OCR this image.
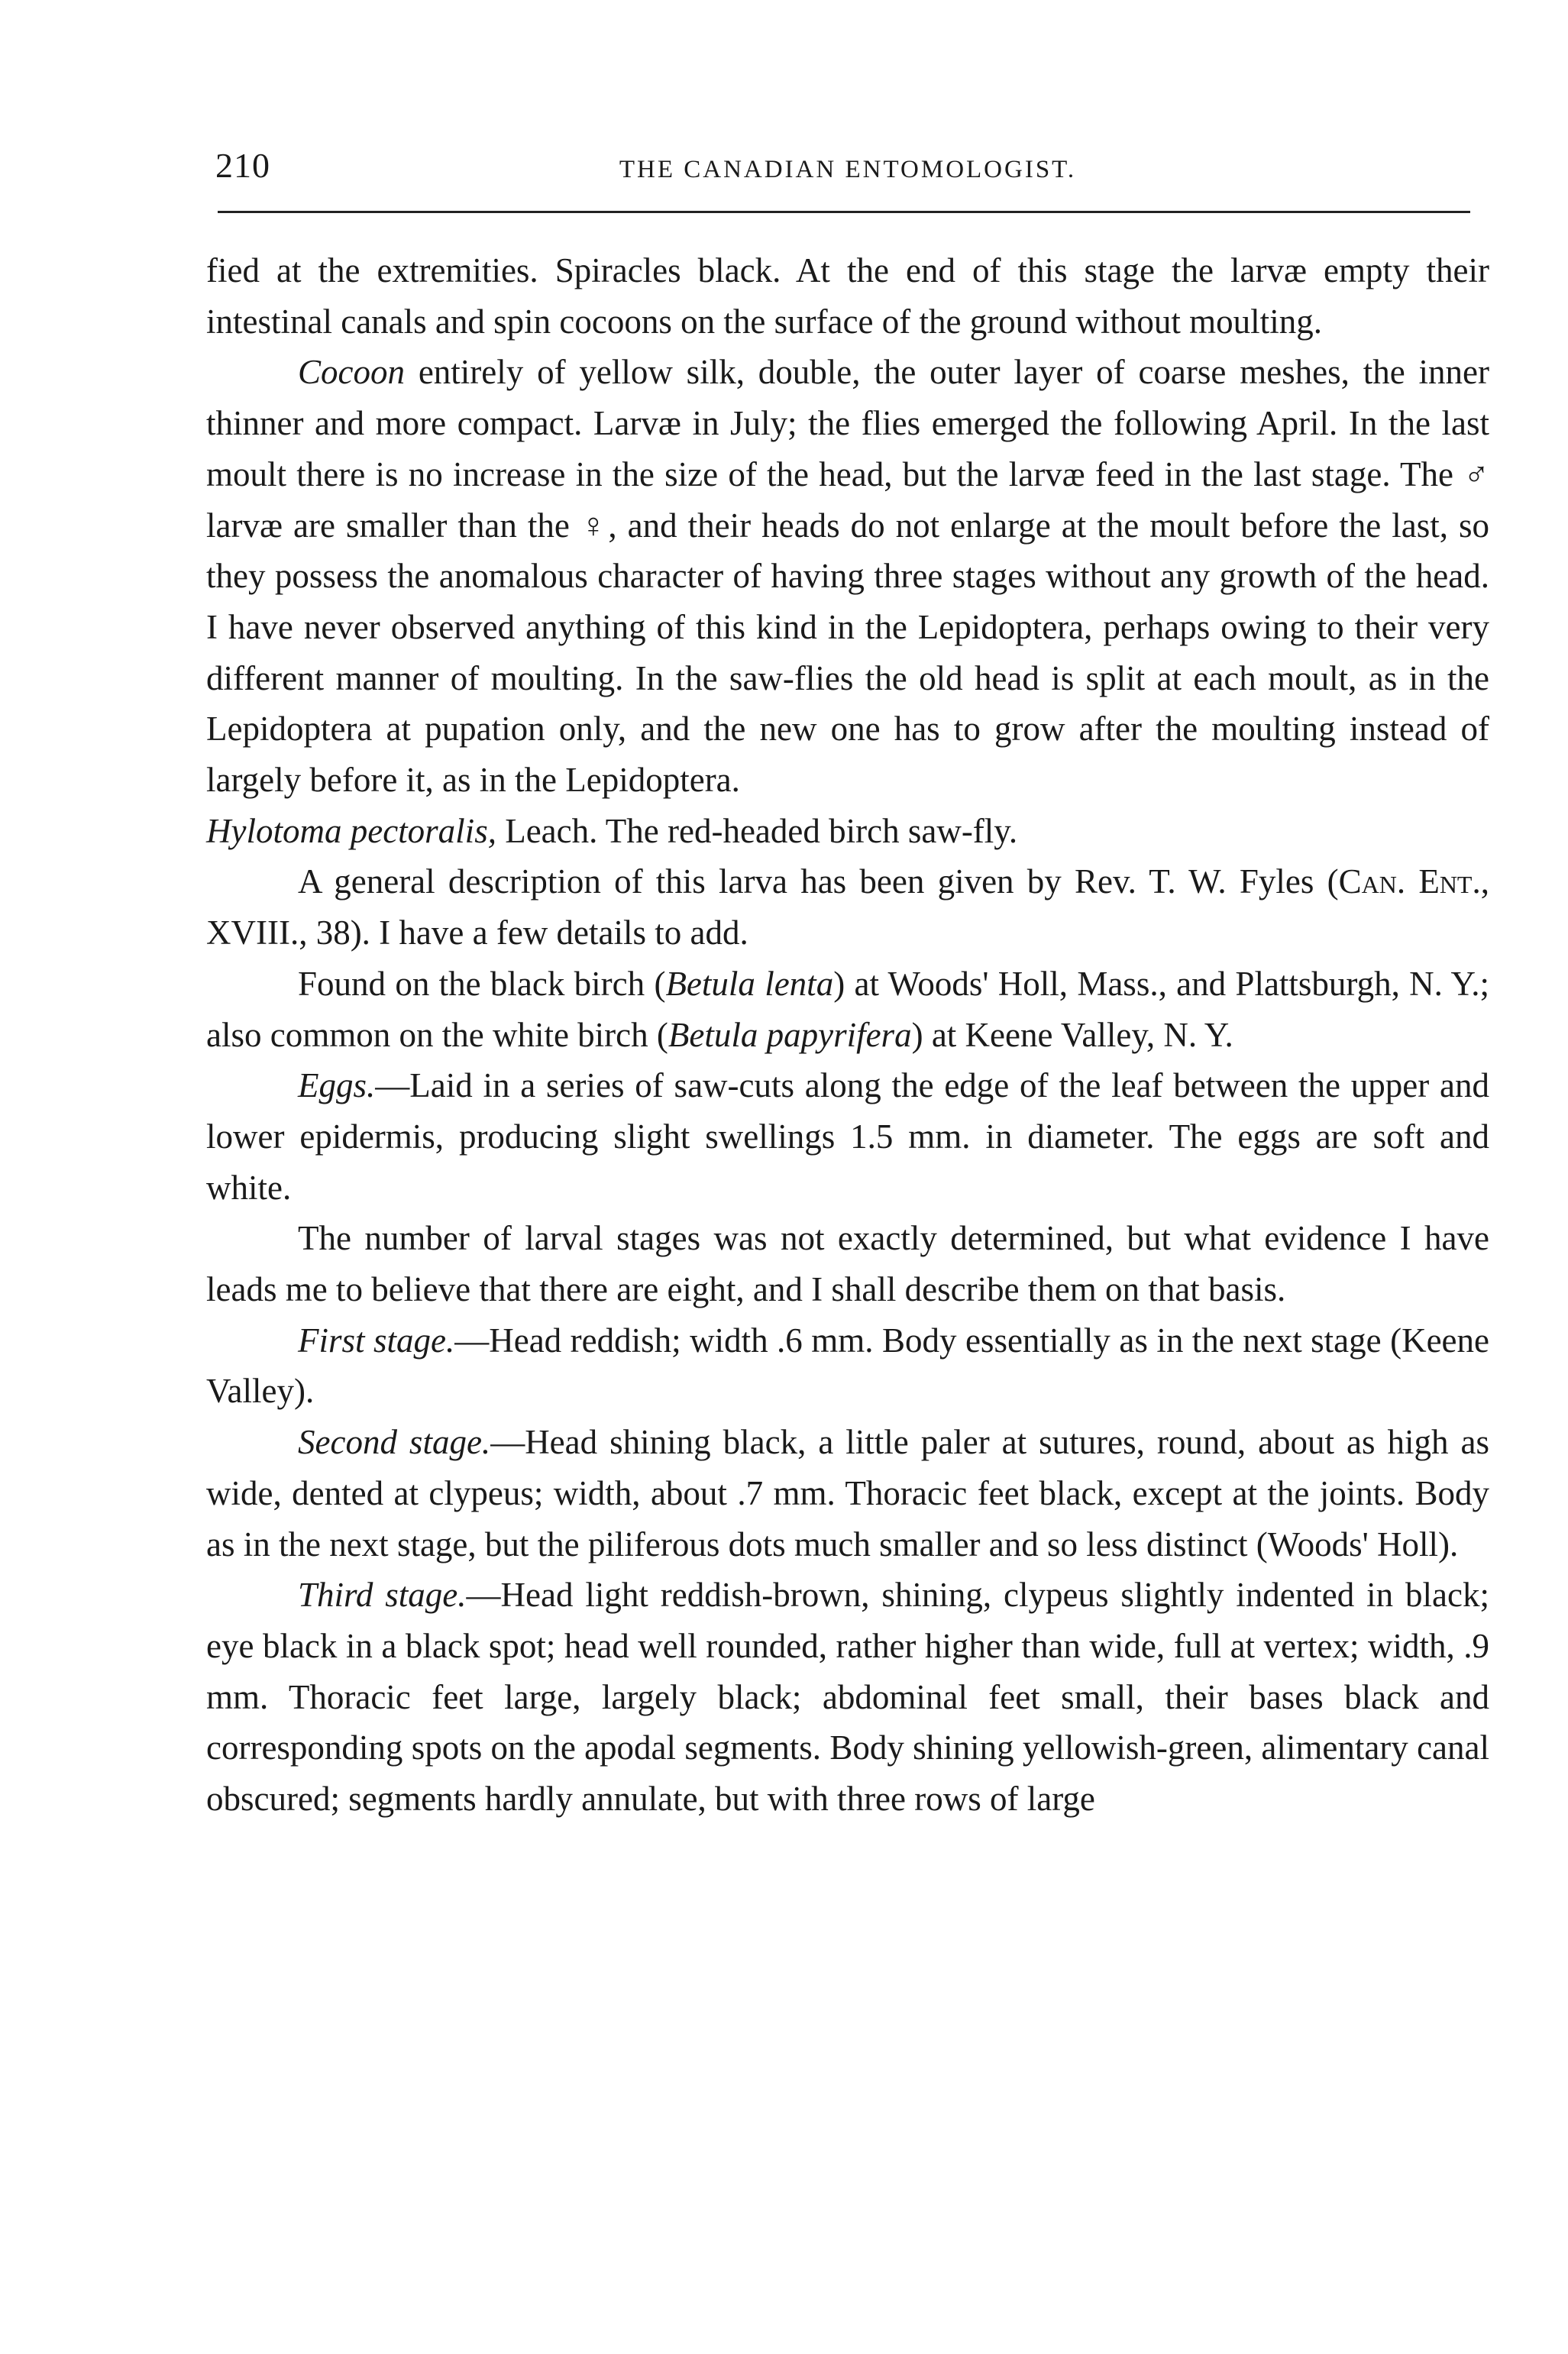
210	THE CANADIAN ENTOMOLOGIST.

fied at the extremities. Spiracles black. At the end of this stage the larvæ empty their intestinal canals and spin cocoons on the surface of the ground without moulting.

Cocoon entirely of yellow silk, double, the outer layer of coarse meshes, the inner thinner and more compact. Larvæ in July; the flies emerged the following April. In the last moult there is no increase in the size of the head, but the larvæ feed in the last stage. The ♂ larvæ are smaller than the ♀, and their heads do not enlarge at the moult before the last, so they possess the anomalous character of having three stages without any growth of the head. I have never observed anything of this kind in the Lepidoptera, perhaps owing to their very different manner of moulting. In the saw-flies the old head is split at each moult, as in the Lepidoptera at pupation only, and the new one has to grow after the moulting instead of largely before it, as in the Lepidoptera.

Hylotoma pectoralis, Leach. The red-headed birch saw-fly.

A general description of this larva has been given by Rev. T. W. Fyles (Can. Ent., XVIII., 38). I have a few details to add.

Found on the black birch (Betula lenta) at Woods' Holl, Mass., and Plattsburgh, N. Y.; also common on the white birch (Betula papyrifera) at Keene Valley, N. Y.

Eggs.—Laid in a series of saw-cuts along the edge of the leaf between the upper and lower epidermis, producing slight swellings 1.5 mm. in diameter. The eggs are soft and white.

The number of larval stages was not exactly determined, but what evidence I have leads me to believe that there are eight, and I shall describe them on that basis.

First stage.—Head reddish; width .6 mm. Body essentially as in the next stage (Keene Valley).

Second stage.—Head shining black, a little paler at sutures, round, about as high as wide, dented at clypeus; width, about .7 mm. Thoracic feet black, except at the joints. Body as in the next stage, but the piliferous dots much smaller and so less distinct (Woods' Holl).

Third stage.—Head light reddish-brown, shining, clypeus slightly indented in black; eye black in a black spot; head well rounded, rather higher than wide, full at vertex; width, .9 mm. Thoracic feet large, largely black; abdominal feet small, their bases black and corresponding spots on the apodal segments. Body shining yellowish-green, alimentary canal obscured; segments hardly annulate, but with three rows of large
